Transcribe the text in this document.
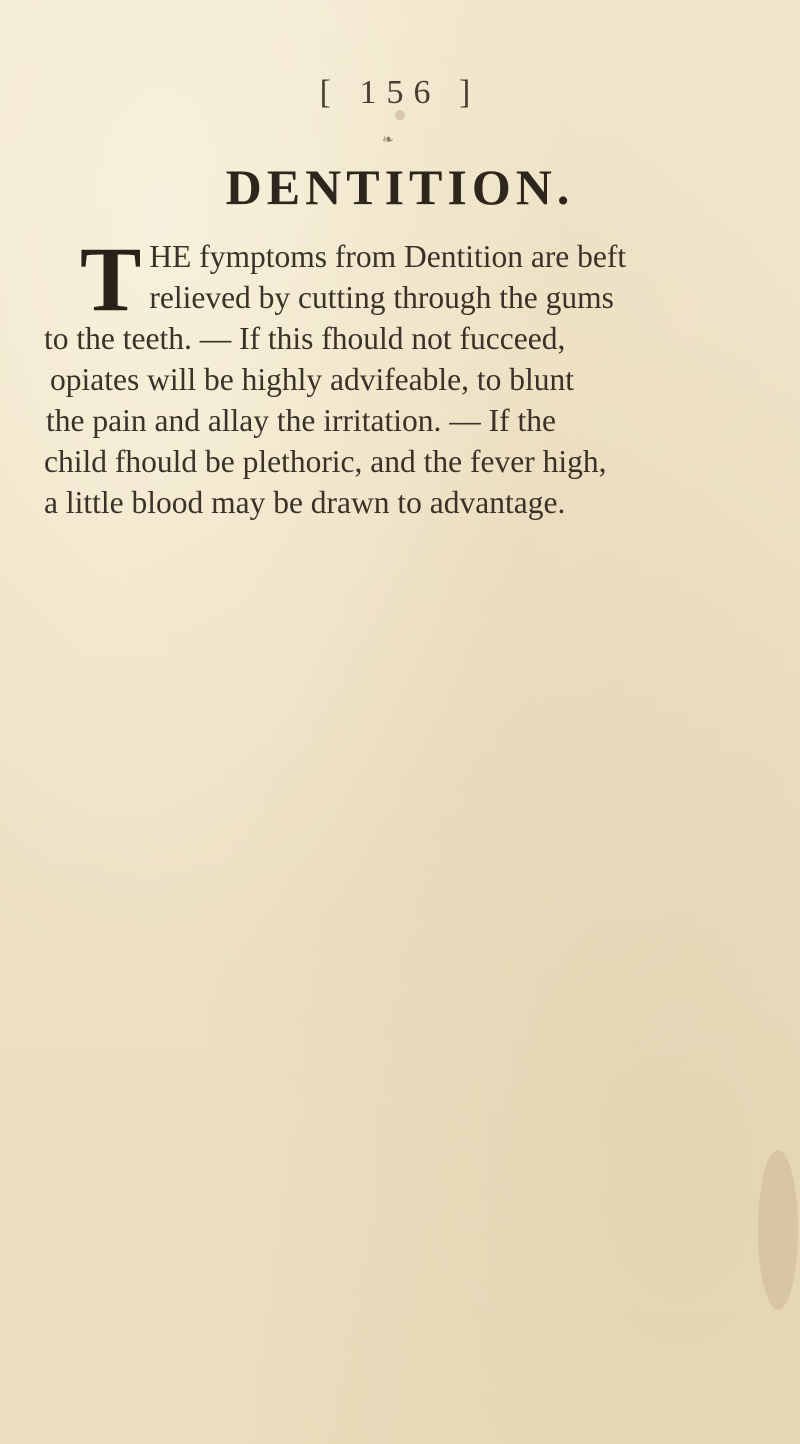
[ 156 ]
❧
DENTITION.
T HE fymptoms from Dentition are beft
relieved by cutting through the gums
to the teeth. — If this fhould not fucceed,
opiates will be highly advifeable, to blunt
the pain and allay the irritation. — If the
child fhould be plethoric, and the fever high,
a little blood may be drawn to advantage.
